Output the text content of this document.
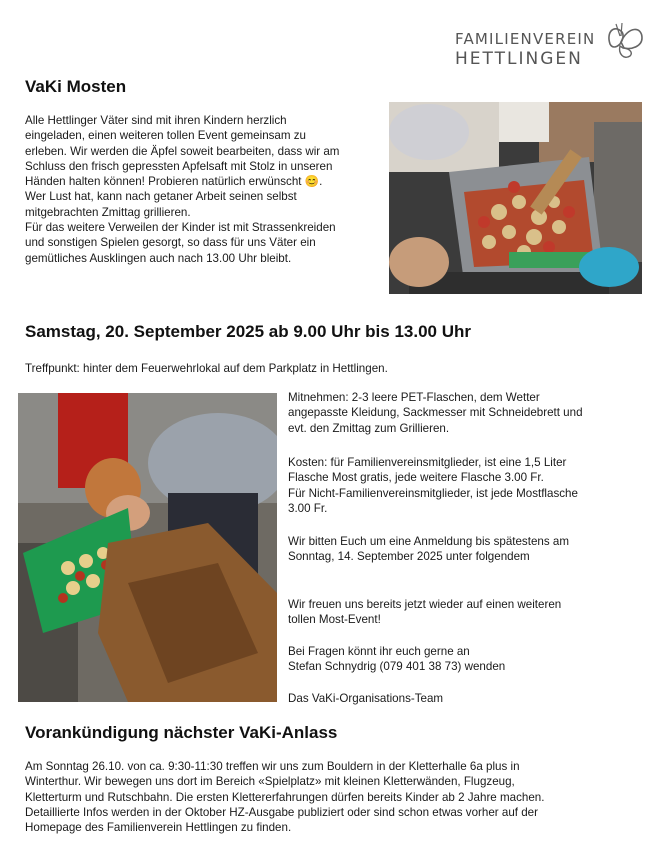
FAMILIENVEREIN
HETTLINGEN
VaKi Mosten

Alle Hettlinger Väter sind mit ihren Kindern herzlich

eingeladen, einen weiteren tollen Event gemeinsam zu

erleben. Wir werden die Äpfel soweit bearbeiten, dass wir am

Schluss den frisch gepressten Apfelsaft mit Stolz in unseren

Händen halten können! Probieren natürlich erwünscht 😊.

Wer Lust hat, kann nach getaner Arbeit seinen selbst

mitgebrachten Zmittag grillieren.

Für das weitere Verweilen der Kinder ist mit Strassenkreiden

und sonstigen Spielen gesorgt, so dass für uns Väter ein

gemütliches Ausklingen auch nach 13.00 Uhr bleibt.

Samstag, 20. September 2025 ab 9.00 Uhr bis 13.00 Uhr

Treffpunkt: hinter dem Feuerwehrlokal auf dem Parkplatz in Hettlingen.

Mitnehmen: 2-3 leere PET-Flaschen, dem Wetter

angepasste Kleidung, Sackmesser mit Schneidebrett und

evt. den Zmittag zum Grillieren.

Kosten: für Familienvereinsmitglieder, ist eine 1,5 Liter

Flasche Most gratis, jede weitere Flasche 3.00 Fr.

Für Nicht-Familienvereinsmitglieder, ist jede Mostflasche

3.00 Fr.

Wir bitten Euch um eine Anmeldung bis spätestens am

Sonntag, 14. September 2025 unter folgendem

Wir freuen uns bereits jetzt wieder auf einen weiteren

tollen Most-Event!

Bei Fragen könnt ihr euch gerne an

Stefan Schnydrig (079 401 38 73) wenden

Das VaKi-Organisations-Team

Vorankündigung nächster VaKi-Anlass

Am Sonntag 26.10. von ca. 9:30-11:30 treffen wir uns zum Bouldern in der Kletterhalle 6a plus in

Winterthur. Wir bewegen uns dort im Bereich «Spielplatz» mit kleinen Kletterwänden, Flugzeug,

Kletterturm und Rutschbahn. Die ersten Klettererfahrungen dürfen bereits Kinder ab 2 Jahre machen.

Detaillierte Infos werden in der Oktober HZ-Ausgabe publiziert oder sind schon etwas vorher auf der

Homepage des Familienverein Hettlingen zu finden.
